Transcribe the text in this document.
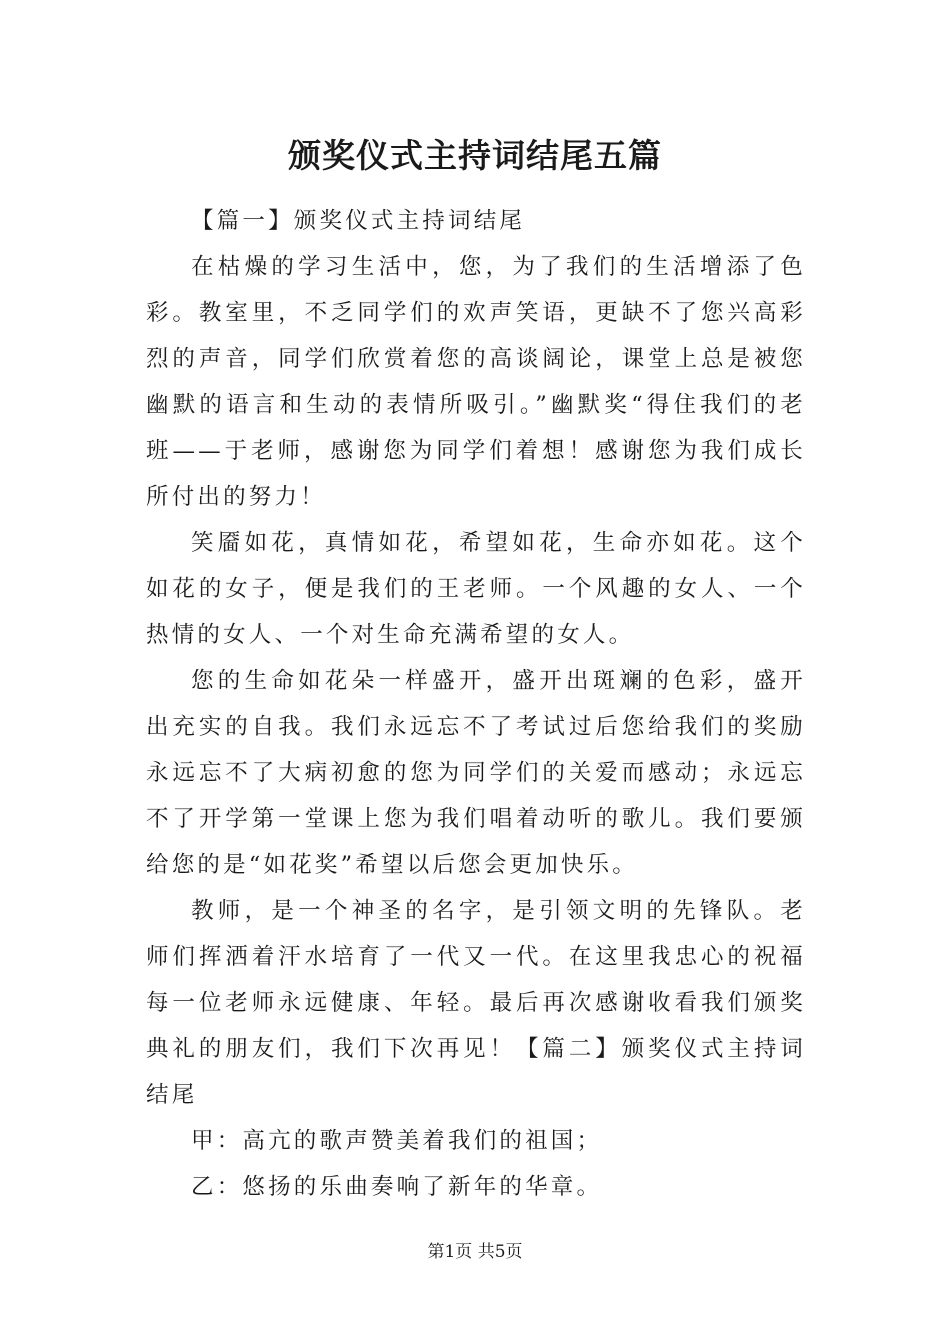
颁奖仪式主持词结尾五篇

【篇一】颁奖仪式主持词结尾

在枯燥的学习生活中，您，为了我们的生活增添了色彩。教室里，不乏同学们的欢声笑语，更缺不了您兴高彩烈的声音，同学们欣赏着您的高谈阔论，课堂上总是被您幽默的语言和生动的表情所吸引。”幽默奖“得住我们的老班——于老师，感谢您为同学们着想！感谢您为我们成长所付出的努力！

笑靥如花，真情如花，希望如花，生命亦如花。这个如花的女子，便是我们的王老师。一个风趣的女人、一个热情的女人、一个对生命充满希望的女人。

您的生命如花朵一样盛开，盛开出斑斓的色彩，盛开出充实的自我。我们永远忘不了考试过后您给我们的奖励永远忘不了大病初愈的您为同学们的关爱而感动；永远忘不了开学第一堂课上您为我们唱着动听的歌儿。我们要颁给您的是“如花奖”希望以后您会更加快乐。

教师，是一个神圣的名字，是引领文明的先锋队。老师们挥洒着汗水培育了一代又一代。在这里我忠心的祝福每一位老师永远健康、年轻。最后再次感谢收看我们颁奖典礼的朋友们，我们下次再见！【篇二】颁奖仪式主持词结尾

甲：高亢的歌声赞美着我们的祖国；

乙：悠扬的乐曲奏响了新年的华章。

第1页 共5页
